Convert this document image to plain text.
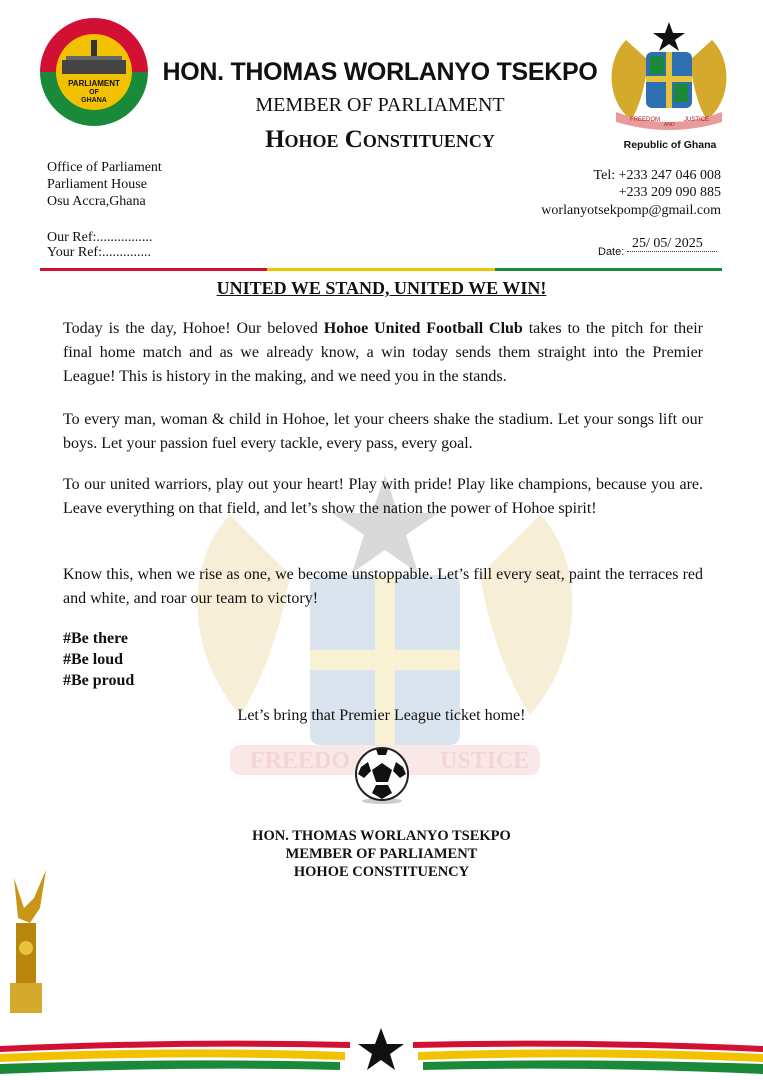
FREEDO	USTICE
PARLIAMENT
OF
GHANA
HON. THOMAS WORLANYO TSEKPO
MEMBER OF PARLIAMENT
Hohoe Constituency
FREEDOM
AND
JUSTICE
Republic of Ghana
Office of Parliament
Parliament House
Osu Accra,Ghana
Tel: +233 247 046 008
+233 209 090 885
worlanyotsekpomp@gmail.com
Our Ref:................
Your Ref:..............	Date:
25/ 05/ 2025
UNITED WE STAND, UNITED WE WIN!

Today is the day, Hohoe! Our beloved Hohoe United Football Club takes to the pitch for their final home match and as we already know, a win today sends them straight into the Premier League! This is history in the making, and we need you in the stands.

To every man, woman & child in Hohoe, let your cheers shake the stadium. Let your songs lift our boys. Let your passion fuel every tackle, every pass, every goal.

To our united warriors, play out your heart! Play with pride! Play like champions, because you are. Leave everything on that field, and let’s show the nation the power of Hohoe spirit!

Know this, when we rise as one, we become unstoppable. Let’s fill every seat, paint the terraces red and white, and roar our team to victory!

#Be there
#Be loud
#Be proud
Let’s bring that Premier League ticket home!
HON. THOMAS WORLANYO TSEKPO
MEMBER OF PARLIAMENT
HOHOE CONSTITUENCY
